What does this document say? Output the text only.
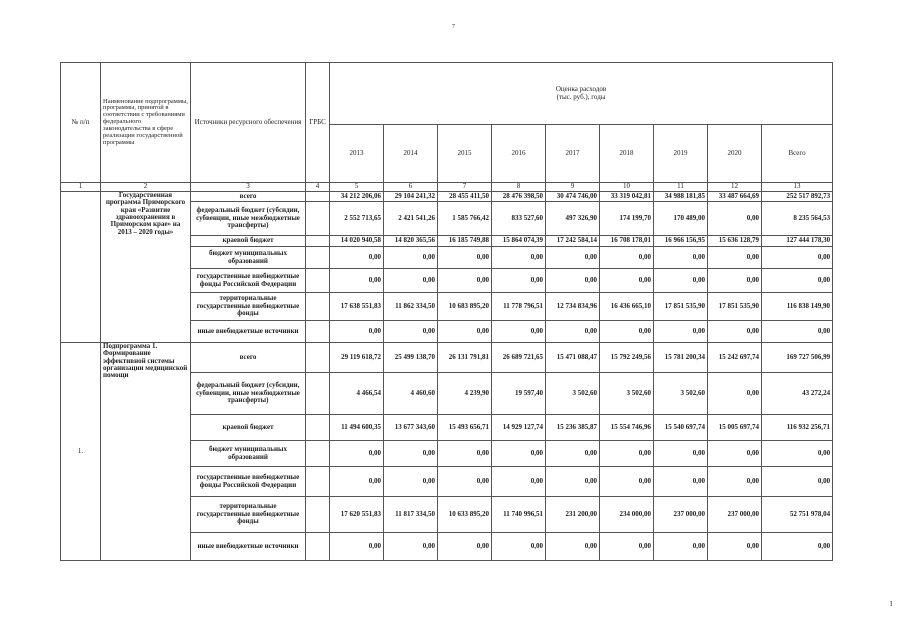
7
I
№ п/п	Наименование подпрограммы, программы, принятой в соответствии с требованиями федерального законодательства в сфере реализации государственной программы	Источники ресурсного обеспечения	ГРБС	Оценка расходов
(тыс. руб.), годы								

				2013	2014	2015	2016	2017	2018	2019	2020	Всего
1	2	3	4	5	6	7	8	9	10	11	12	13
	Государственная программа Приморского края «Развитие здравоохранения в Приморском крае» на 2013 – 2020 годы»	всего		34 212 206,06	29 104 241,32	28 455 411,50	28 476 398,50	30 474 746,00	33 319 042,81	34 988 181,85	33 487 664,69	252 517 892,73
		федеральный бюджет (субсидии, субвенции, иные межбюджетные трансферты)		2 552 713,65	2 421 541,26	1 585 766,42	833 527,60	497 326,90	174 199,70	170 489,00	0,00	8 235 564,53
		краевой бюджет		14 020 940,58	14 820 365,56	16 185 749,88	15 864 074,39	17 242 584,14	16 708 178,01	16 966 156,95	15 636 128,79	127 444 178,30
		бюджет муниципальных образований		0,00	0,00	0,00	0,00	0,00	0,00	0,00	0,00	0,00
		государственные внебюджетные фонды Российской Федерации		0,00	0,00	0,00	0,00	0,00	0,00	0,00	0,00	0,00
		территориальные государственные внебюджетные фонды		17 638 551,83	11 862 334,50	10 683 895,20	11 778 796,51	12 734 834,96	16 436 665,10	17 851 535,90	17 851 535,90	116 838 149,90
		иные внебюджетные источники		0,00	0,00	0,00	0,00	0,00	0,00	0,00	0,00	0,00
1.	Подпрограмма 1. Формирование эффективной системы организации медицинской помощи	всего		29 119 618,72	25 499 138,70	26 131 791,81	26 689 721,65	15 471 088,47	15 792 249,56	15 781 200,34	15 242 697,74	169 727 506,99
		федеральный бюджет (субсидии, субвенции, иные межбюджетные трансферты)		4 466,54	4 460,60	4 239,90	19 597,40	3 502,60	3 502,60	3 502,60	0,00	43 272,24
		краевой бюджет		11 494 600,35	13 677 343,60	15 493 656,71	14 929 127,74	15 236 385,87	15 554 746,96	15 540 697,74	15 005 697,74	116 932 256,71
		бюджет муниципальных образований		0,00	0,00	0,00	0,00	0,00	0,00	0,00	0,00	0,00
		государственные внебюджетные фонды Российской Федерации		0,00	0,00	0,00	0,00	0,00	0,00	0,00	0,00	0,00
		территориальные государственные внебюджетные фонды		17 620 551,83	11 817 334,50	10 633 895,20	11 740 996,51	231 200,00	234 000,00	237 000,00	237 000,00	52 751 978,04
		иные внебюджетные источники		0,00	0,00	0,00	0,00	0,00	0,00	0,00	0,00	0,00
